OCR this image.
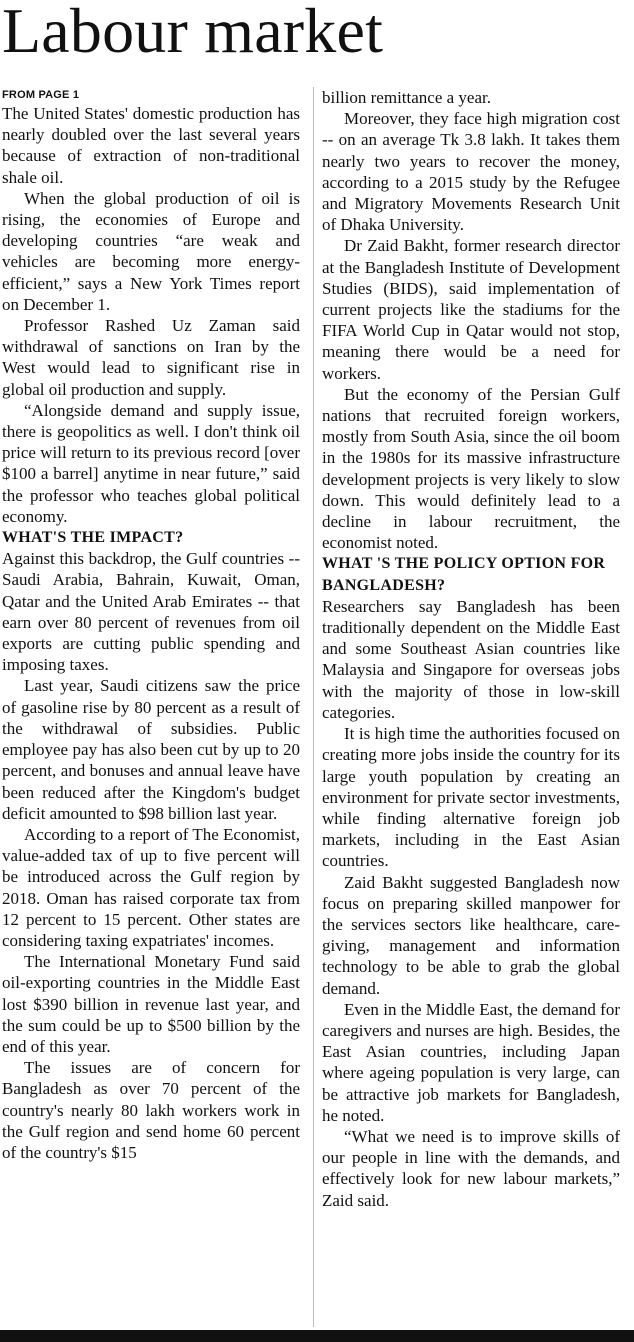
Labour market
FROM PAGE 1

The United States' domestic production has nearly doubled over the last several years because of extraction of non-traditional shale oil.

When the global production of oil is rising, the economies of Europe and developing countries “are weak and vehicles are becoming more energy-efficient,” says a New York Times report on December 1.

Professor Rashed Uz Zaman said withdrawal of sanctions on Iran by the West would lead to significant rise in global oil production and supply.

“Alongside demand and supply issue, there is geopolitics as well. I don't think oil price will return to its previous record [over $100 a barrel] anytime in near future,” said the professor who teaches global political economy.

WHAT'S THE IMPACT?

Against this backdrop, the Gulf countries -- Saudi Arabia, Bahrain, Kuwait, Oman, Qatar and the United Arab Emirates -- that earn over 80 percent of revenues from oil exports are cutting public spending and imposing taxes.

Last year, Saudi citizens saw the price of gasoline rise by 80 percent as a result of the withdrawal of subsidies. Public employee pay has also been cut by up to 20 percent, and bonuses and annual leave have been reduced after the Kingdom's budget deficit amounted to $98 billion last year.

According to a report of The Economist, value-added tax of up to five percent will be introduced across the Gulf region by 2018. Oman has raised corporate tax from 12 percent to 15 percent. Other states are considering taxing expatriates' incomes.

The International Monetary Fund said oil-exporting countries in the Middle East lost $390 billion in revenue last year, and the sum could be up to $500 billion by the end of this year.

The issues are of concern for Bangladesh as over 70 percent of the country's nearly 80 lakh workers work in the Gulf region and send home 60 percent of the country's $15

billion remittance a year.

Moreover, they face high migration cost -- on an average Tk 3.8 lakh. It takes them nearly two years to recover the money, according to a 2015 study by the Refugee and Migratory Movements Research Unit of Dhaka University.

Dr Zaid Bakht, former research director at the Bangladesh Institute of Development Studies (BIDS), said implementation of current projects like the stadiums for the FIFA World Cup in Qatar would not stop, meaning there would be a need for workers.

But the economy of the Persian Gulf nations that recruited foreign workers, mostly from South Asia, since the oil boom in the 1980s for its massive infrastructure development projects is very likely to slow down. This would definitely lead to a decline in labour recruitment, the economist noted.

WHAT 'S THE POLICY OPTION FOR BANGLADESH?

Researchers say Bangladesh has been traditionally dependent on the Middle East and some Southeast Asian countries like Malaysia and Singapore for overseas jobs with the majority of those in low-skill categories.

It is high time the authorities focused on creating more jobs inside the country for its large youth population by creating an environment for private sector investments, while finding alternative foreign job markets, including in the East Asian countries.

Zaid Bakht suggested Bangladesh now focus on preparing skilled manpower for the services sectors like healthcare, care-giving, management and information technology to be able to grab the global demand.

Even in the Middle East, the demand for caregivers and nurses are high. Besides, the East Asian countries, including Japan where ageing population is very large, can be attractive job markets for Bangladesh, he noted.

“What we need is to improve skills of our people in line with the demands, and effectively look for new labour markets,” Zaid said.
